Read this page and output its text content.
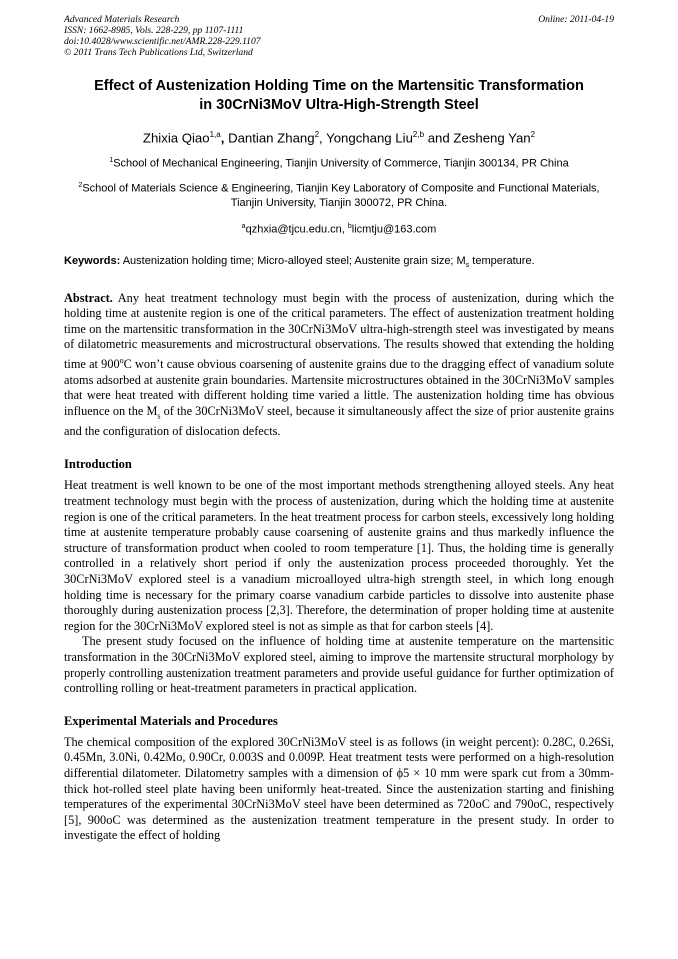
Advanced Materials Research	Online: 2011-04-19
ISSN: 1662-8985, Vols. 228-229, pp 1107-1111
doi:10.4028/www.scientific.net/AMR.228-229.1107
© 2011 Trans Tech Publications Ltd, Switzerland
Effect of Austenization Holding Time on the Martensitic Transformation
in 30CrNi3MoV Ultra-High-Strength Steel
Zhixia Qiao$^{1,a}$, Dantian Zhang$^2$, Yongchang Liu$^{2,b}$ and Zesheng Yan$^2$
$^1$School of Mechanical Engineering, Tianjin University of Commerce, Tianjin 300134, PR China
$^2$School of Materials Science & Engineering, Tianjin Key Laboratory of Composite and Functional Materials, Tianjin University, Tianjin 300072, PR China.
$^a$qzhxia@tjcu.edu.cn, $^b$licmtju@163.com
Keywords: Austenization holding time; Micro-alloyed steel; Austenite grain size; $M_s$ temperature.

Abstract. Any heat treatment technology must begin with the process of austenization, during which the holding time at austenite region is one of the critical parameters. The effect of austenization treatment holding time on the martensitic transformation in the 30CrNi3MoV ultra-high-strength steel was investigated by means of dilatometric measurements and microstructural observations. The results showed that extending the holding time at 900$^o$C won’t cause obvious coarsening of austenite grains due to the dragging effect of vanadium solute atoms adsorbed at austenite grain boundaries. Martensite microstructures obtained in the 30CrNi3MoV samples that were heat treated with different holding time varied a little. The austenization holding time has obvious influence on the $M_s$ of the 30CrNi3MoV steel, because it simultaneously affect the size of prior austenite grains and the configuration of dislocation defects.

Introduction

Heat treatment is well known to be one of the most important methods strengthening alloyed steels. Any heat treatment technology must begin with the process of austenization, during which the holding time at austenite region is one of the critical parameters. In the heat treatment process for carbon steels, excessively long holding time at austenite temperature probably cause coarsening of austenite grains and thus markedly influence the structure of transformation product when cooled to room temperature [1]. Thus, the holding time is generally controlled in a relatively short period if only the austenization process proceeded thoroughly. Yet the 30CrNi3MoV explored steel is a vanadium microalloyed ultra-high strength steel, in which long enough holding time is necessary for the primary coarse vanadium carbide particles to dissolve into austenite phase thoroughly during austenization process [2,3]. Therefore, the determination of proper holding time at austenite region for the 30CrNi3MoV explored steel is not as simple as that for carbon steels [4].

The present study focused on the influence of holding time at austenite temperature on the martensitic transformation in the 30CrNi3MoV explored steel, aiming to improve the martensite structural morphology by properly controlling austenization treatment parameters and provide useful guidance for further optimization of controlling rolling or heat-treatment parameters in practical application.

Experimental Materials and Procedures

The chemical composition of the explored 30CrNi3MoV steel is as follows (in weight percent): 0.28C, 0.26Si, 0.45Mn, 3.0Ni, 0.42Mo, 0.90Cr, 0.003S and 0.009P. Heat treatment tests were performed on a high-resolution differential dilatometer. Dilatometry samples with a dimension of ϕ5 × 10 mm were spark cut from a 30mm-thick hot-rolled steel plate having been uniformly heat-treated. Since the austenization starting and finishing temperatures of the experimental 30CrNi3MoV steel have been determined as 720oC and 790oC, respectively [5], 900oC was determined as the austenization treatment temperature in the present study. In order to investigate the effect of holding
